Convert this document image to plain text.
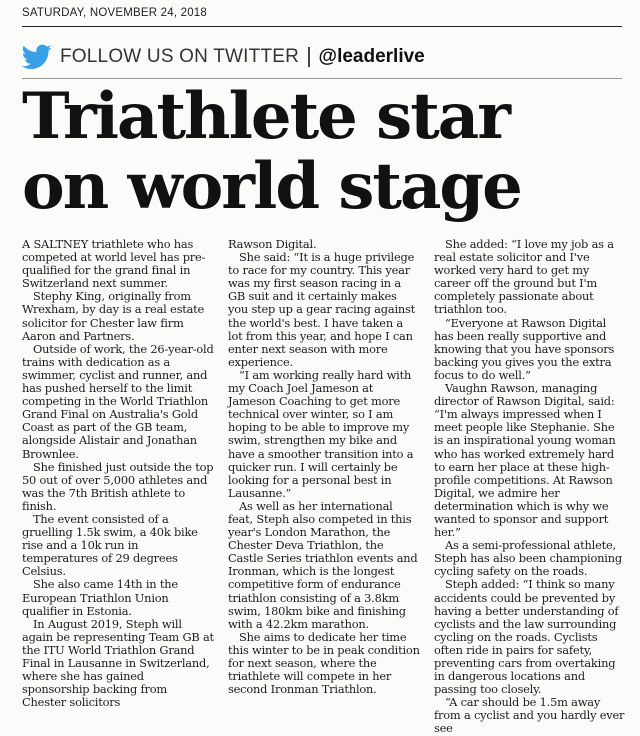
SATURDAY, NOVEMBER 24, 2018
FOLLOW US ON TWITTER @leaderlive
Triathlete star
on world stage

A SALTNEY triathlete who has competed at world level has pre-qualified for the grand final in Switzerland next summer.

Stephy King, originally from Wrexham, by day is a real estate solicitor for Chester law firm Aaron and Partners.

Outside of work, the 26-year-old trains with dedication as a swimmer, cyclist and runner, and has pushed herself to the limit competing in the World Triathlon Grand Final on Australia's Gold Coast as part of the GB team, alongside Alistair and Jonathan Brownlee.

She finished just outside the top 50 out of over 5,000 athletes and was the 7th British athlete to finish.

The event consisted of a gruelling 1.5k swim, a 40k bike rise and a 10k run in temperatures of 29 degrees Celsius.

She also came 14th in the European Triathlon Union qualifier in Estonia.

In August 2019, Steph will again be representing Team GB at the ITU World Triathlon Grand Final in Lausanne in Switzerland, where she has gained sponsorship backing from Chester solicitors

Rawson Digital.

She said: “It is a huge privilege to race for my country. This year was my first season racing in a GB suit and it certainly makes you step up a gear racing against the world's best. I have taken a lot from this year, and hope I can enter next season with more experience.

“I am working really hard with my Coach Joel Jameson at Jameson Coaching to get more technical over winter, so I am hoping to be able to improve my swim, strengthen my bike and have a smoother transition into a quicker run. I will certainly be looking for a personal best in Lausanne.”

As well as her international feat, Steph also competed in this year's London Marathon, the Chester Deva Triathlon, the Castle Series triathlon events and Ironman, which is the longest competitive form of endurance triathlon consisting of a 3.8km swim, 180km bike and finishing with a 42.2km marathon.

She aims to dedicate her time this winter to be in peak condition for next season, where the triathlete will compete in her second Ironman Triathlon.

She added: “I love my job as a real estate solicitor and I've worked very hard to get my career off the ground but I'm completely passionate about triathlon too.

“Everyone at Rawson Digital has been really supportive and knowing that you have sponsors backing you gives you the extra focus to do well.”

Vaughn Rawson, managing director of Rawson Digital, said: “I'm always impressed when I meet people like Stephanie. She is an inspirational young woman who has worked extremely hard to earn her place at these high-profile competitions. At Rawson Digital, we admire her determination which is why we wanted to sponsor and support her.”

As a semi-professional athlete, Steph has also been championing cycling safety on the roads.

Steph added: “I think so many accidents could be prevented by having a better understanding of cyclists and the law surrounding cycling on the roads. Cyclists often ride in pairs for safety, preventing cars from overtaking in dangerous locations and passing too closely.

“A car should be 1.5m away from a cyclist and you hardly ever see
